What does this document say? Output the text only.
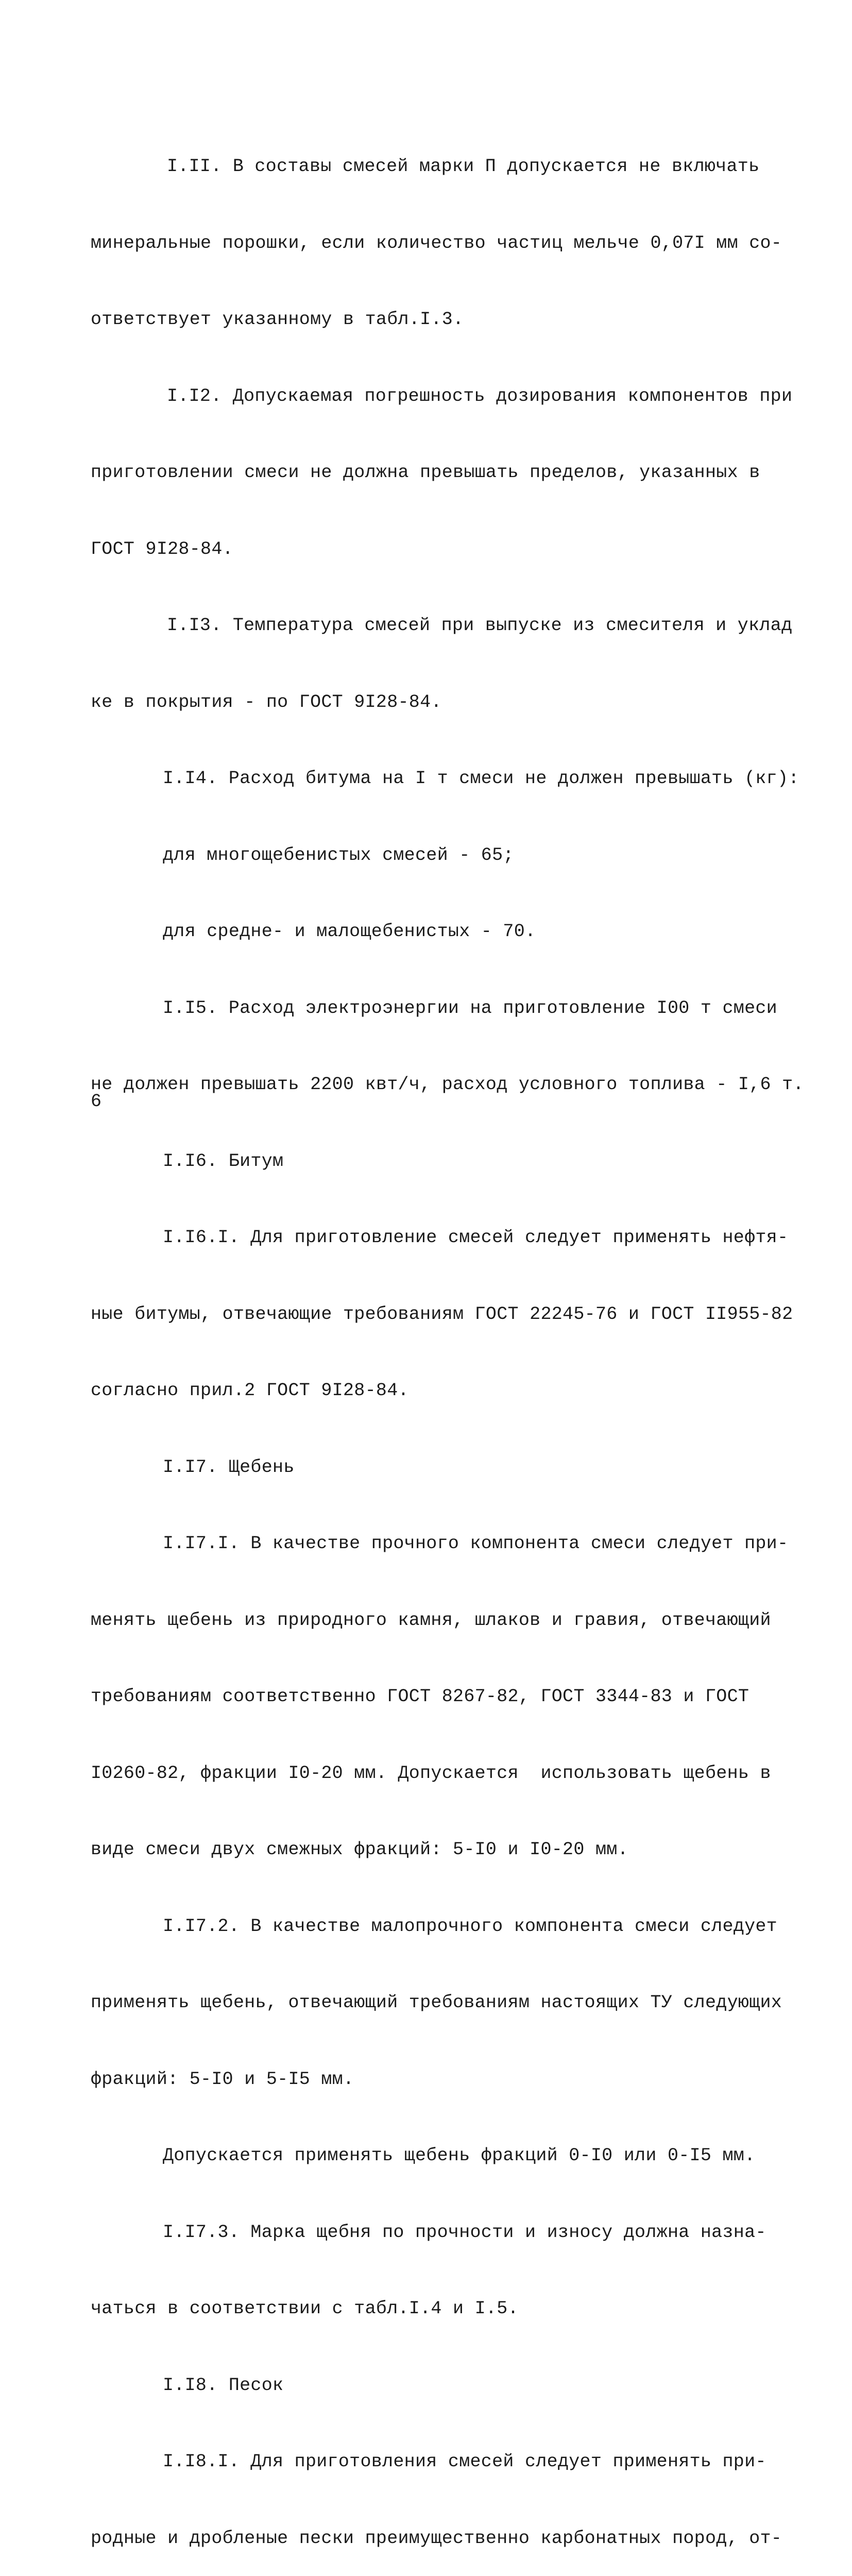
I.II. В составы смесей марки П допускается не включать

минеральные порошки, если количество частиц мельче 0,07I мм со-

ответствует указанному в табл.I.3.

I.I2. Допускаемая погрешность дозирования компонентов при

приготовлении смеси не должна превышать пределов, указанных в

ГОСТ 9I28-84.

I.I3. Температура смесей при выпуске из смесителя и уклад

ке в покрытия - по ГОСТ 9I28-84.

I.I4. Расход битума на I т смеси не должен превышать (кг):

для многощебенистых смесей - 65;

для средне- и малощебенистых - 70.

I.I5. Расход электроэнергии на приготовление I00 т смеси

не должен превышать 2200 квт/ч, расход условного топлива - I,6 т.

I.I6. Битум

I.I6.I. Для приготовление смесей следует применять нефтя-

ные битумы, отвечающие требованиям ГОСТ 22245-76 и ГОСТ II955-82

согласно прил.2 ГОСТ 9I28-84.

I.I7. Щебень

I.I7.I. В качестве прочного компонента смеси следует при-

менять щебень из природного камня, шлаков и гравия, отвечающий

требованиям соответственно ГОСТ 8267-82, ГОСТ 3344-83 и ГОСТ

I0260-82, фракции I0-20 мм. Допускается  использовать щебень в

виде смеси двух смежных фракций: 5-I0 и I0-20 мм.

I.I7.2. В качестве малопрочного компонента смеси следует

применять щебень, отвечающий требованиям настоящих ТУ следующих

фракций: 5-I0 и 5-I5 мм.

Допускается применять щебень фракций 0-I0 или 0-I5 мм.

I.I7.3. Марка щебня по прочности и износу должна назна-

чаться в соответствии с табл.I.4 и I.5.

I.I8. Песок

I.I8.I. Для приготовления смесей следует применять при-

родные и дробленые пески преимущественно карбонатных пород, от-

6
